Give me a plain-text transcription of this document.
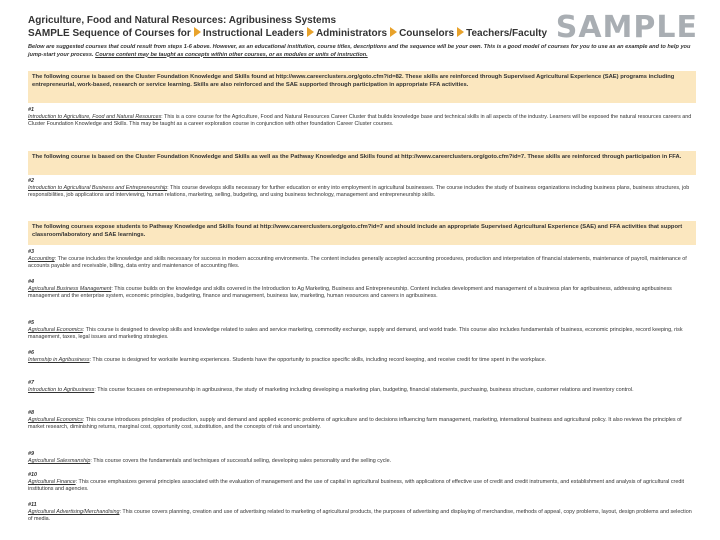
Agriculture, Food and Natural Resources: Agribusiness Systems
SAMPLE Sequence of Courses for Instructional Leaders Administrators Counselors Teachers/Faculty SAMPLE
Below are suggested courses that could result from steps 1-6 above. However, as an educational institution, course titles, descriptions and the sequence will be your own. This is a good model of courses for you to use as an example and to help you jump-start your process. Course content may be taught as concepts within other courses, or as modules or units of instruction.
The following course is based on the Cluster Foundation Knowledge and Skills found at http://www.careerclusters.org/goto.cfm?id=82. These skills are reinforced through Supervised Agricultural Experience (SAE) programs including entrepreneurial, work-based, research or service learning. Skills are also reinforced and the SAE supported through participation in appropriate FFA activities.
#1
Introduction to Agriculture, Food and Natural Resources: This is a core course for the Agriculture, Food and Natural Resources Career Cluster that builds knowledge base and technical skills in all aspects of the industry. Learners will be exposed the natural resources careers and Cluster Foundation Knowledge and Skills. This may be taught as a career exploration course in conjunction with other foundation Career Cluster courses.
The following course is based on the Cluster Foundation Knowledge and Skills as well as the Pathway Knowledge and Skills found at http://www.careerclusters.org/goto.cfm?id=7. These skills are reinforced through participation in FFA.
#2
Introduction to Agricultural Business and Entrepreneurship: This course develops skills necessary for further education or entry into employment in agricultural businesses. The course includes the study of business organizations including business plans, business structures, job responsibilities, job applications and interviewing, human relations, marketing, selling, budgeting, and using business technology, management and entrepreneurship skills.
The following courses expose students to Pathway Knowledge and Skills found at http://www.careerclusters.org/goto.cfm?id=7 and should include an appropriate Supervised Agricultural Experience (SAE) and FFA activities that support classroom/laboratory and SAE learnings.
#3
Accounting: The course includes the knowledge and skills necessary for success in modern accounting environments. The content includes generally accepted accounting procedures, production and interpretation of financial statements, maintenance of payroll, maintenance of accounts payable and receivable, billing, data entry and maintenance of accounting files.
#4
Agricultural Business Management: This course builds on the knowledge and skills covered in the Introduction to Ag Marketing, Business and Entrepreneurship. Content includes development and management of a business plan for agribusiness, addressing agribusiness management and the enterprise system, economic principles, budgeting, finance and management, business law, marketing, human resources and careers in agribusiness.
#5
Agricultural Economics: This course is designed to develop skills and knowledge related to sales and service marketing, commodity exchange, supply and demand, and world trade. This course also includes fundamentals of business, economic principles, record keeping, risk management, taxes, legal issues and marketing strategies.
#6
Internship in Agribusiness: This course is designed for worksite learning experiences. Students have the opportunity to practice specific skills, including record keeping, and receive credit for time spent in the workplace.
#7
Introduction to Agribusiness: This course focuses on entrepreneurship in agribusiness, the study of marketing including developing a marketing plan, budgeting, financial statements, purchasing, business structure, customer relations and inventory control.
#8
Agricultural Economics: This course introduces principles of production, supply and demand and applied economic problems of agriculture and to decisions influencing farm management, marketing, international business and agricultural policy. It also reviews the principles of market research, diminishing returns, marginal cost, opportunity cost, substitution, and the concepts of risk and uncertainty.
#9
Agricultural Salesmanship: This course covers the fundamentals and techniques of successful selling, developing sales personality and the selling cycle.
#10
Agricultural Finance: This course emphasizes general principles associated with the evaluation of management and the use of capital in agricultural business, with applications of effective use of credit and credit instruments, and establishment and analysis of agricultural credit institutions and agencies.
#11
Agricultural Advertising/Merchandising: This course covers planning, creation and use of advertising related to marketing of agricultural products, the purposes of advertising and displaying of merchandise, methods of appeal, copy problems, layout, design problems and selection of media.
